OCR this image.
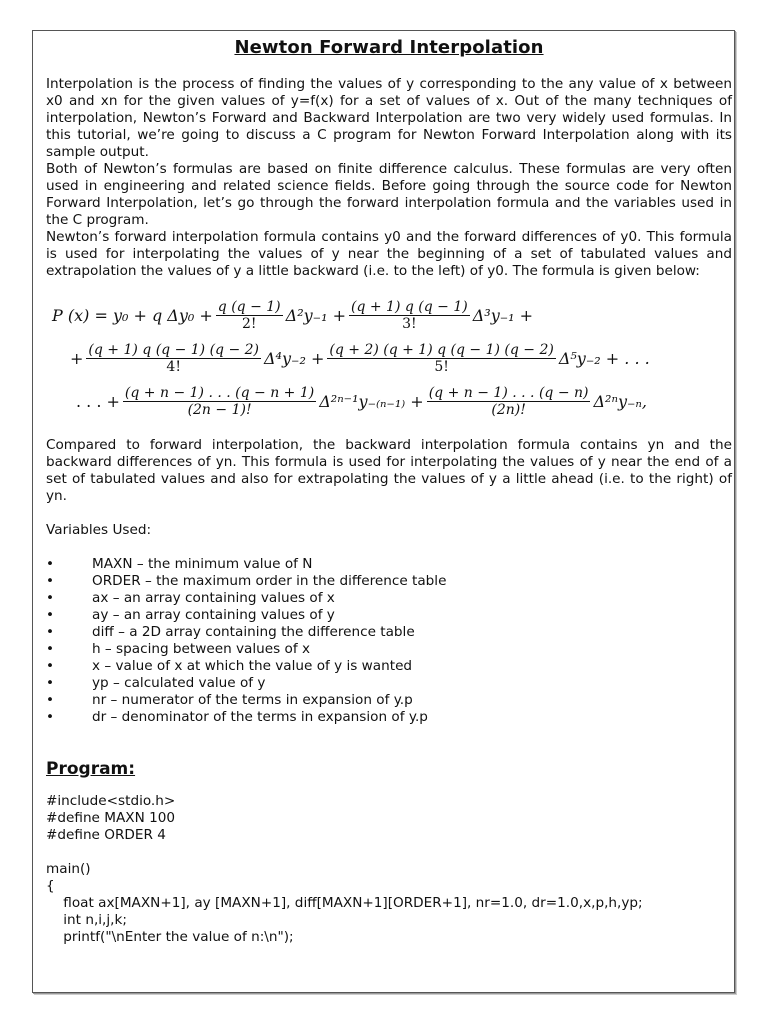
Newton Forward Interpolation

Interpolation is the process of finding the values of y corresponding to the any value of x between x0 and xn for the given values of y=f(x) for a set of values of x. Out of the many techniques of interpolation, Newton’s Forward and Backward Interpolation are two very widely used formulas. In this tutorial, we’re going to discuss a C program for Newton Forward Interpolation along with its sample output.

Both of Newton’s formulas are based on finite difference calculus. These formulas are very often used in engineering and related science fields. Before going through the source code for Newton Forward Interpolation, let’s go through the forward interpolation formula and the variables used in the C program.

Newton’s forward interpolation formula contains y0 and the forward differences of y0. This formula is used for interpolating the values of y near the beginning of a set of tabulated values and extrapolation the values of y a little backward (i.e. to the left) of y0. The formula is given below:

P (x) = y₀ + q $\Delta y_0 + \frac{q (q - 1)}{2!} \Delta^2y_{-1} + \frac{(q + 1) q (q - 1)}{3!} \Delta^3y_{-1}$ +
+ $\frac{(q + 1) q (q - 1) (q - 2)}{4!} \Delta^4y_{-2} + \frac{(q + 2) (q + 1) q (q - 1) (q - 2)}{5!} \Delta^5y_{-2}$ + . . .
. . . + $\frac{(q + n - 1) . . . (q - n + 1)}{(2n - 1)!} \Delta^{2n-1}y_{-(n-1)} + \frac{(q + n - 1) . . . (q - n)}{(2n)!} \Delta^{2n}y_{-n}$,

Compared to forward interpolation, the backward interpolation formula contains yn and the backward differences of yn. This formula is used for interpolating the values of y near the end of a set of tabulated values and also for extrapolating the values of y a little ahead (i.e. to the right) of yn.

Variables Used:

•	MAXN – the minimum value of N
•	ORDER – the maximum order in the difference table
•	ax – an array containing values of x
•	ay – an array containing values of y
•	diff – a 2D array containing the difference table
•	h – spacing between values of x
•	x – value of x at which the value of y is wanted
•	yp – calculated value of y
•	nr – numerator of the terms in expansion of y.p
•	dr – denominator of the terms in expansion of y.p
Program:
#include<stdio.h>
#define MAXN 100
#define ORDER 4
main()
{
float ax[MAXN+1], ay [MAXN+1], diff[MAXN+1][ORDER+1], nr=1.0, dr=1.0,x,p,h,yp;
int n,i,j,k;
printf("\nEnter the value of n:\n");
